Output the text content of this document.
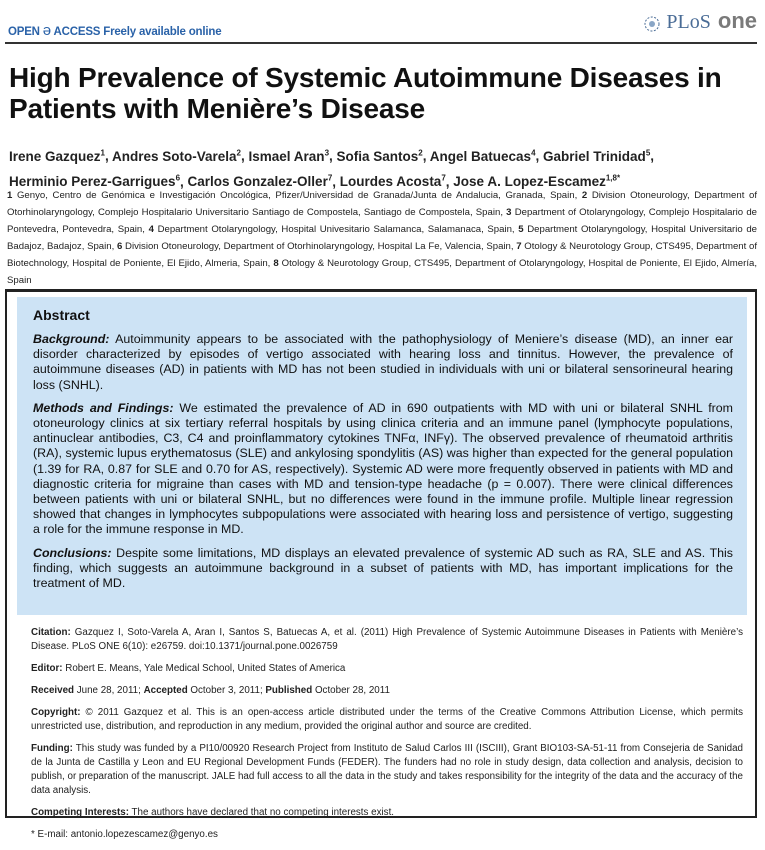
OPEN ə ACCESS Freely available online	PLoS one
High Prevalence of Systemic Autoimmune Diseases in Patients with Menière’s Disease
Irene Gazquez$^1$, Andres Soto-Varela$^2$, Ismael Aran$^3$, Sofia Santos$^2$, Angel Batuecas$^4$, Gabriel Trinidad$^5$,
Herminio Perez-Garrigues$^6$, Carlos Gonzalez-Oller$^7$, Lourdes Acosta$^7$, Jose A. Lopez-Escamez$^{1,8*}$
1 Genyo, Centro de Genómica e Investigación Oncológica, Pfizer/Universidad de Granada/Junta de Andalucia, Granada, Spain, 2 Division Otoneurology, Department of Otorhinolaryngology, Complejo Hospitalario Universitario Santiago de Compostela, Santiago de Compostela, Spain, 3 Department of Otolaryngology, Complejo Hospitalario de Pontevedra, Pontevedra, Spain, 4 Department Otolaryngology, Hospital Univesitario Salamanca, Salamanaca, Spain, 5 Department Otolaryngology, Hospital Universitario de Badajoz, Badajoz, Spain, 6 Division Otoneurology, Department of Otorhinolaryngology, Hospital La Fe, Valencia, Spain, 7 Otology & Neurotology Group, CTS495, Department of Biotechnology, Hospital de Poniente, El Ejido, Almeria, Spain, 8 Otology & Neurotology Group, CTS495, Department of Otolaryngology, Hospital de Poniente, El Ejido, Almería, Spain
Abstract

Background: Autoimmunity appears to be associated with the pathophysiology of Meniere’s disease (MD), an inner ear disorder characterized by episodes of vertigo associated with hearing loss and tinnitus. However, the prevalence of autoimmune diseases (AD) in patients with MD has not been studied in individuals with uni or bilateral sensorineural hearing loss (SNHL).

Methods and Findings: We estimated the prevalence of AD in 690 outpatients with MD with uni or bilateral SNHL from otoneurology clinics at six tertiary referral hospitals by using clinica criteria and an immune panel (lymphocyte populations, antinuclear antibodies, C3, C4 and proinflammatory cytokines TNFα, INFγ). The observed prevalence of rheumatoid arthritis (RA), systemic lupus erythematosus (SLE) and ankylosing spondylitis (AS) was higher than expected for the general population (1.39 for RA, 0.87 for SLE and 0.70 for AS, respectively). Systemic AD were more frequently observed in patients with MD and diagnostic criteria for migraine than cases with MD and tension-type headache (p = 0.007). There were clinical differences between patients with uni or bilateral SNHL, but no differences were found in the immune profile. Multiple linear regression showed that changes in lymphocytes subpopulations were associated with hearing loss and persistence of vertigo, suggesting a role for the immune response in MD.

Conclusions: Despite some limitations, MD displays an elevated prevalence of systemic AD such as RA, SLE and AS. This finding, which suggests an autoimmune background in a subset of patients with MD, has important implications for the treatment of MD.

Citation: Gazquez I, Soto-Varela A, Aran I, Santos S, Batuecas A, et al. (2011) High Prevalence of Systemic Autoimmune Diseases in Patients with Menière’s Disease. PLoS ONE 6(10): e26759. doi:10.1371/journal.pone.0026759

Editor: Robert E. Means, Yale Medical School, United States of America

Received June 28, 2011; Accepted October 3, 2011; Published October 28, 2011

Copyright: © 2011 Gazquez et al. This is an open-access article distributed under the terms of the Creative Commons Attribution License, which permits unrestricted use, distribution, and reproduction in any medium, provided the original author and source are credited.

Funding: This study was funded by a PI10/00920 Research Project from Instituto de Salud Carlos III (ISCIII), Grant BIO103-SA-51-11 from Consejeria de Sanidad de la Junta de Castilla y Leon and EU Regional Development Funds (FEDER). The funders had no role in study design, data collection and analysis, decision to publish, or preparation of the manuscript. JALE had full access to all the data in the study and takes responsibility for the integrity of the data and the accuracy of the data analysis.

Competing Interests: The authors have declared that no competing interests exist.

* E-mail: antonio.lopezescamez@genyo.es
